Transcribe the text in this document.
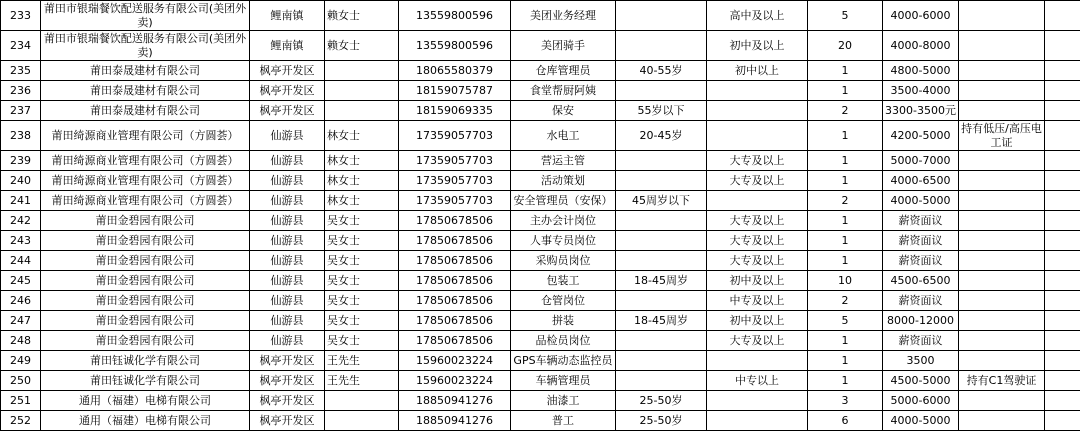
233	莆田市银瑞餐饮配送服务有限公司(美团外卖)	鲤南镇	赖女士	13559800596	美团业务经理		高中及以上	5	4000-6000		
234	莆田市银瑞餐饮配送服务有限公司(美团外卖)	鲤南镇	赖女士	13559800596	美团骑手		初中及以上	20	4000-8000		
235	莆田泰晟建材有限公司	枫亭开发区		18065580379	仓库管理员	40-55岁	初中以上	1	4800-5000		
236	莆田泰晟建材有限公司	枫亭开发区		18159075787	食堂帮厨阿姨			1	3500-4000		
237	莆田泰晟建材有限公司	枫亭开发区		18159069335	保安	55岁以下		2	3300-3500元		
238	莆田绮源商业管理有限公司（方圆荟）	仙游县	林女士	17359057703	水电工	20-45岁		1	4200-5000	持有低压/高压电工证	
239	莆田绮源商业管理有限公司（方圆荟）	仙游县	林女士	17359057703	营运主管		大专及以上	1	5000-7000		
240	莆田绮源商业管理有限公司（方圆荟）	仙游县	林女士	17359057703	活动策划		大专及以上	1	4000-6500		
241	莆田绮源商业管理有限公司（方圆荟）	仙游县	林女士	17359057703	安全管理员（安保）	45周岁以下		2	4000-5000		
242	莆田金碧园有限公司	仙游县	吴女士	17850678506	主办会计岗位		大专及以上	1	薪资面议		
243	莆田金碧园有限公司	仙游县	吴女士	17850678506	人事专员岗位		大专及以上	1	薪资面议		
244	莆田金碧园有限公司	仙游县	吴女士	17850678506	采购员岗位		大专及以上	1	薪资面议		
245	莆田金碧园有限公司	仙游县	吴女士	17850678506	包装工	18-45周岁	初中及以上	10	4500-6500		
246	莆田金碧园有限公司	仙游县	吴女士	17850678506	仓管岗位		中专及以上	2	薪资面议		
247	莆田金碧园有限公司	仙游县	吴女士	17850678506	拼装	18-45周岁	初中及以上	5	8000-12000		
248	莆田金碧园有限公司	仙游县	吴女士	17850678506	品检员岗位		大专及以上	1	薪资面议		
249	莆田钰诚化学有限公司	枫亭开发区	王先生	15960023224	GPS车辆动态监控员			1	3500		
250	莆田钰诚化学有限公司	枫亭开发区	王先生	15960023224	车辆管理员		中专以上	1	4500-5000	持有C1驾驶证	
251	通用（福建）电梯有限公司	枫亭开发区		18850941276	油漆工	25-50岁		3	5000-6000		
252	通用（福建）电梯有限公司	枫亭开发区		18850941276	普工	25-50岁		6	4000-5000		
